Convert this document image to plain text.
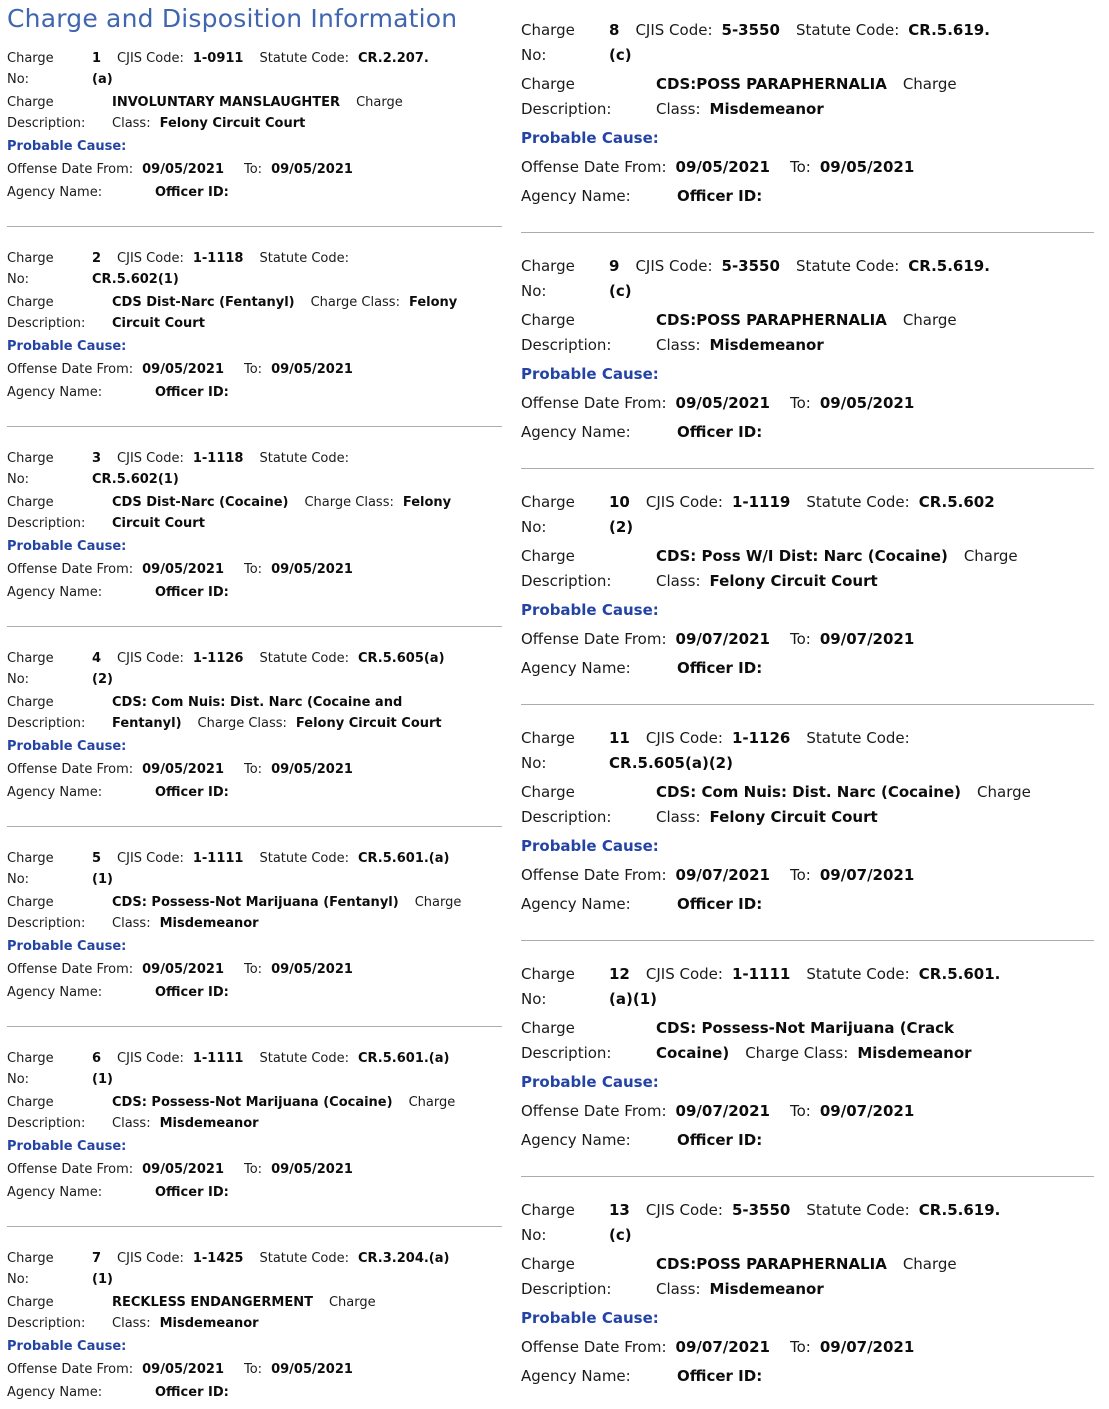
Charge and Disposition Information
Charge No:
1 CJIS Code: 1-0911 Statute Code: CR.2.207.
(a)
Charge Description:
INVOLUNTARY MANSLAUGHTER Charge Class: Felony Circuit Court
Probable Cause:
Offense Date From: 09/05/2021 To: 09/05/2021
Agency Name:	Officer ID:
Charge No:
2 CJIS Code: 1-1118 Statute Code:
CR.5.602(1)
Charge Description:
CDS Dist-Narc (Fentanyl) Charge Class: Felony Circuit Court
Probable Cause:
Offense Date From: 09/05/2021 To: 09/05/2021
Agency Name:	Officer ID:
Charge No:
3 CJIS Code: 1-1118 Statute Code:
CR.5.602(1)
Charge Description:
CDS Dist-Narc (Cocaine) Charge Class: Felony Circuit Court
Probable Cause:
Offense Date From: 09/05/2021 To: 09/05/2021
Agency Name:	Officer ID:
Charge No:
4 CJIS Code: 1-1126 Statute Code: CR.5.605(a)
(2)
Charge Description:
CDS: Com Nuis: Dist. Narc (Cocaine and Fentanyl) Charge Class: Felony Circuit Court
Probable Cause:
Offense Date From: 09/05/2021 To: 09/05/2021
Agency Name:	Officer ID:
Charge No:
5 CJIS Code: 1-1111 Statute Code: CR.5.601.(a)
(1)
Charge Description:
CDS: Possess-Not Marijuana (Fentanyl) Charge Class: Misdemeanor
Probable Cause:
Offense Date From: 09/05/2021 To: 09/05/2021
Agency Name:	Officer ID:
Charge No:
6 CJIS Code: 1-1111 Statute Code: CR.5.601.(a)
(1)
Charge Description:
CDS: Possess-Not Marijuana (Cocaine) Charge Class: Misdemeanor
Probable Cause:
Offense Date From: 09/05/2021 To: 09/05/2021
Agency Name:	Officer ID:
Charge No:
7 CJIS Code: 1-1425 Statute Code: CR.3.204.(a)
(1)
Charge Description:
RECKLESS ENDANGERMENT Charge Class: Misdemeanor
Probable Cause:
Offense Date From: 09/05/2021 To: 09/05/2021
Agency Name:	Officer ID:
Charge No:
8 CJIS Code: 5-3550 Statute Code: CR.5.619.
(c)
Charge Description:
CDS:POSS PARAPHERNALIA Charge Class: Misdemeanor
Probable Cause:
Offense Date From: 09/05/2021 To: 09/05/2021
Agency Name:	Officer ID:
Charge No:
9 CJIS Code: 5-3550 Statute Code: CR.5.619.
(c)
Charge Description:
CDS:POSS PARAPHERNALIA Charge Class: Misdemeanor
Probable Cause:
Offense Date From: 09/05/2021 To: 09/05/2021
Agency Name:	Officer ID:
Charge No:
10 CJIS Code: 1-1119 Statute Code: CR.5.602
(2)
Charge Description:
CDS: Poss W/I Dist: Narc (Cocaine) Charge Class: Felony Circuit Court
Probable Cause:
Offense Date From: 09/07/2021 To: 09/07/2021
Agency Name:	Officer ID:
Charge No:
11 CJIS Code: 1-1126 Statute Code:
CR.5.605(a)(2)
Charge Description:
CDS: Com Nuis: Dist. Narc (Cocaine) Charge Class: Felony Circuit Court
Probable Cause:
Offense Date From: 09/07/2021 To: 09/07/2021
Agency Name:	Officer ID:
Charge No:
12 CJIS Code: 1-1111 Statute Code: CR.5.601.
(a)(1)
Charge Description:
CDS: Possess-Not Marijuana (Crack Cocaine) Charge Class: Misdemeanor
Probable Cause:
Offense Date From: 09/07/2021 To: 09/07/2021
Agency Name:	Officer ID:
Charge No:
13 CJIS Code: 5-3550 Statute Code: CR.5.619.
(c)
Charge Description:
CDS:POSS PARAPHERNALIA Charge Class: Misdemeanor
Probable Cause:
Offense Date From: 09/07/2021 To: 09/07/2021
Agency Name:	Officer ID:
